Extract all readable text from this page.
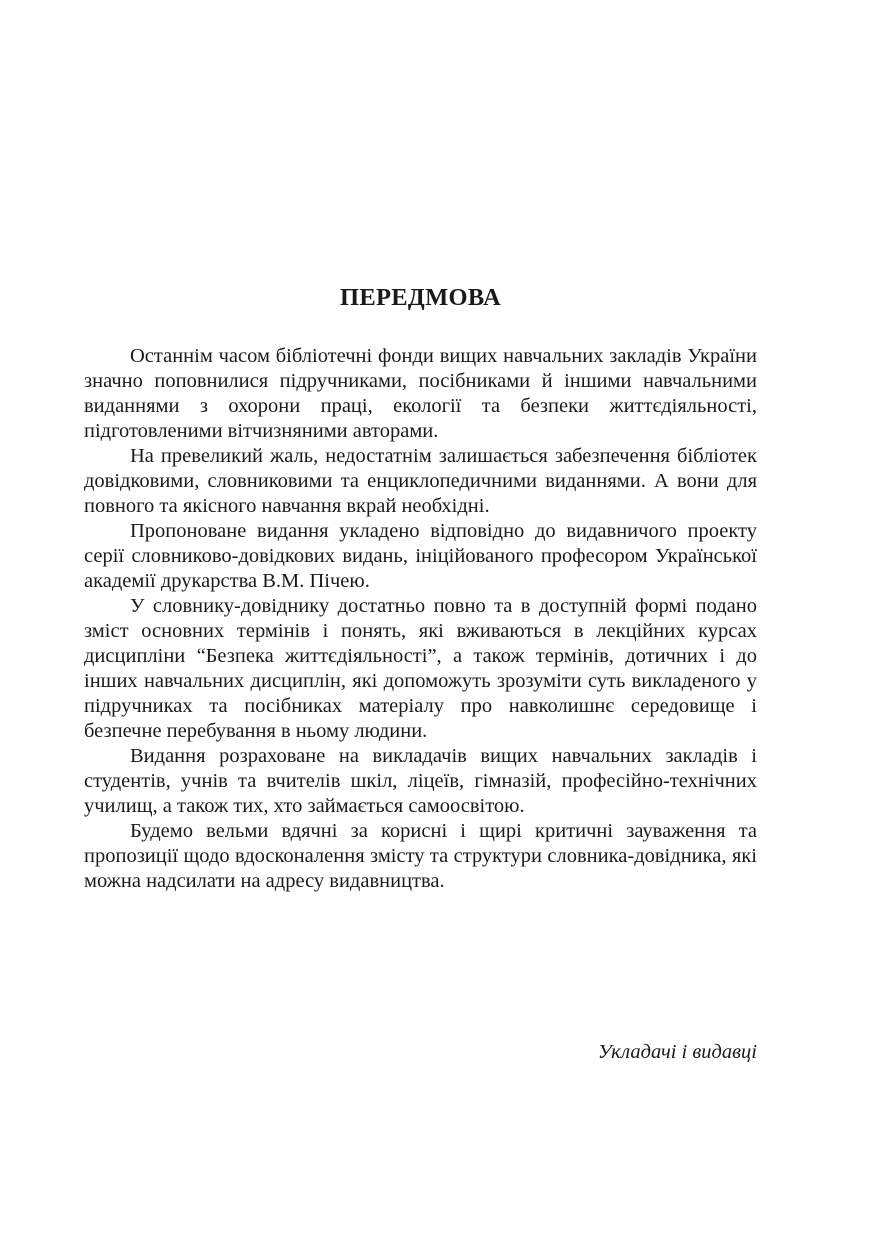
ПЕРЕДМОВА

Останнім часом бібліотечні фонди вищих навчальних закладів України значно поповнилися підручниками, посібниками й іншими навчальними виданнями з охорони праці, екології та безпеки життєдіяльності, підготовленими вітчизняними авторами.

На превеликий жаль, недостатнім залишається забезпечення бібліотек довідковими, словниковими та енциклопедичними виданнями. А вони для повного та якісного навчання вкрай необхідні.

Пропоноване видання укладено відповідно до видавничого проекту серії словниково-довідкових видань, ініційованого професором Української академії друкарства В.М. Пічею.

У словнику-довіднику достатньо повно та в доступній формі подано зміст основних термінів і понять, які вживаються в лекційних курсах дисципліни “Безпека життєдіяльності”, а також термінів, дотичних і до інших навчальних дисциплін, які допоможуть зрозуміти суть викладеного у підручниках та посібниках матеріалу про навколишнє середовище і безпечне перебування в ньому людини.

Видання розраховане на викладачів вищих навчальних закладів і студентів, учнів та вчителів шкіл, ліцеїв, гімназій, професійно-технічних училищ, а також тих, хто займається самоосвітою.

Будемо вельми вдячні за корисні і щирі критичні зауваження та пропозиції щодо вдосконалення змісту та структури словника-довідника, які можна надсилати на адресу видавництва.

Укладачі і видавці
